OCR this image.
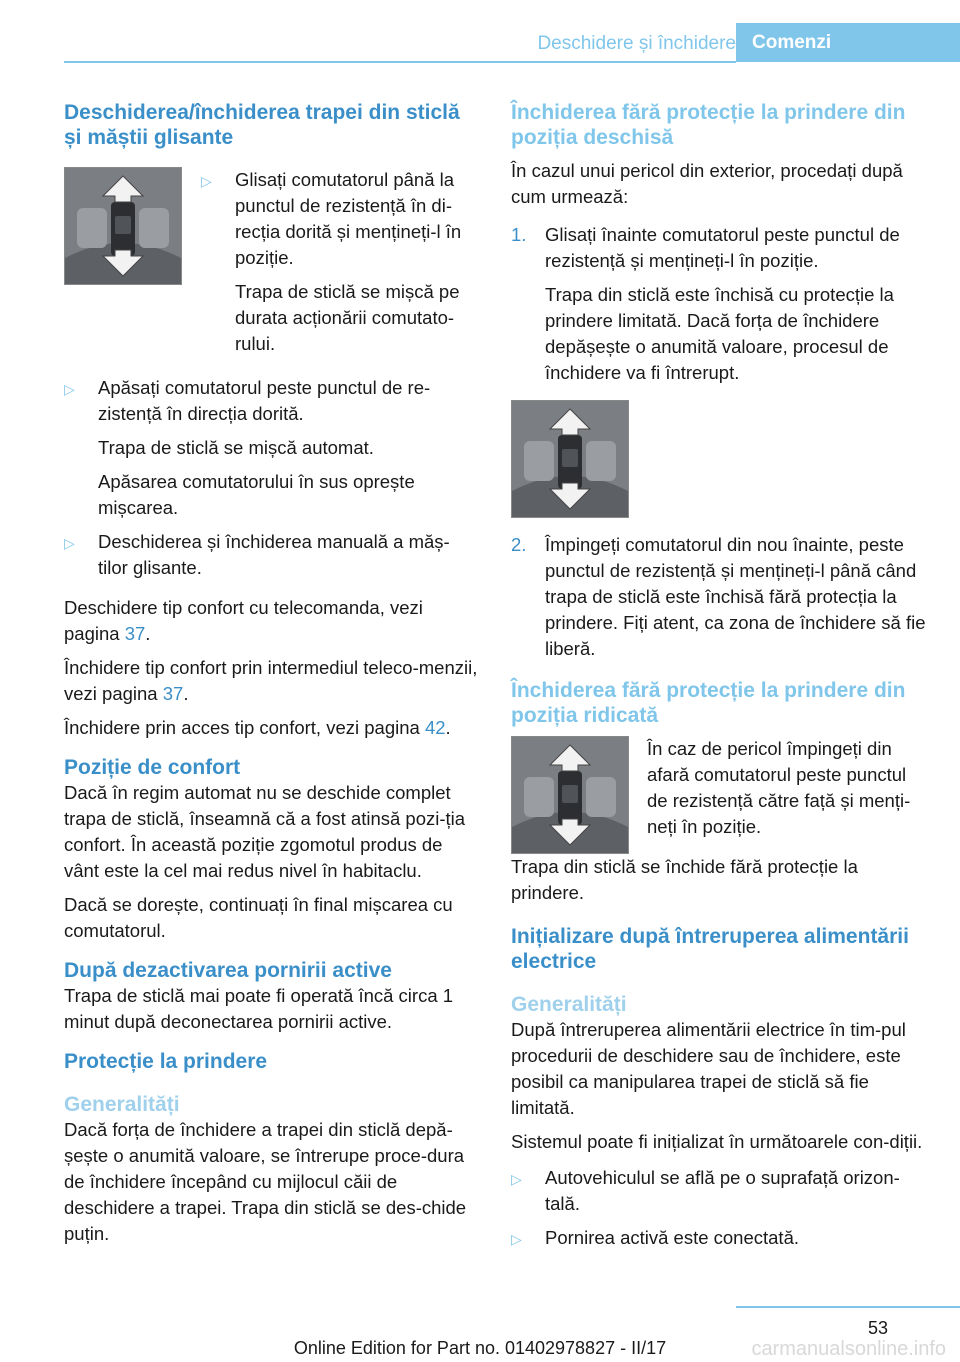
Deschidere și închidere Comenzi
Deschiderea/închiderea trapei din sticlă și măștii glisante
▷ Glisați comutatorul până la punctul de rezistență în di-recția dorită și mențineți-l în poziție.
Trapa de sticlă se mișcă pe durata acționării comutato-rului.
▷ Apăsați comutatorul peste punctul de re-zistență în direcția dorită.
Trapa de sticlă se mișcă automat.
Apăsarea comutatorului în sus oprește mișcarea.
▷ Deschiderea și închiderea manuală a măș-tilor glisante.

Deschidere tip confort cu telecomanda, vezi pagina 37.

Închidere tip confort prin intermediul teleco-menzii, vezi pagina 37.

Închidere prin acces tip confort, vezi pagina 42.

Poziție de confort

Dacă în regim automat nu se deschide complet trapa de sticlă, înseamnă că a fost atinsă pozi-ția confort. În această poziție zgomotul produs de vânt este la cel mai redus nivel în habitaclu.

Dacă se dorește, continuați în final mișcarea cu comutatorul.

După dezactivarea pornirii active

Trapa de sticlă mai poate fi operată încă circa 1 minut după deconectarea pornirii active.

Protecție la prindere
Generalități

Dacă forța de închidere a trapei din sticlă depă-șește o anumită valoare, se întrerupe proce-dura de închidere începând cu mijlocul căii de deschidere a trapei. Trapa din sticlă se des-chide puțin.

Închiderea fără protecție la prindere din poziția deschisă

În cazul unui pericol din exterior, procedați după cum urmează:

1. Glisați înainte comutatorul peste punctul de rezistență și mențineți-l în poziție.
Trapa din sticlă este închisă cu protecție la prindere limitată. Dacă forța de închidere depășește o anumită valoare, procesul de închidere va fi întrerupt.
2. Împingeți comutatorul din nou înainte, peste punctul de rezistență și mențineți-l până când trapa de sticlă este închisă fără protecția la prindere. Fiți atent, ca zona de închidere să fie liberă.
Închiderea fără protecție la prindere din poziția ridicată

În caz de pericol împingeți din afară comutatorul peste punctul de rezistență către față și menți-neți în poziție.

Trapa din sticlă se închide fără protecție la prindere.

Inițializare după întreruperea alimentării electrice
Generalități

După întreruperea alimentării electrice în tim-pul procedurii de deschidere sau de închidere, este posibil ca manipularea trapei de sticlă să fie limitată.

Sistemul poate fi inițializat în următoarele con-diții.

▷ Autovehiculul se află pe o suprafață orizon-tală.
▷ Pornirea activă este conectată.
53
Online Edition for Part no. 01402978827 - II/17	carmanualsonline.info
